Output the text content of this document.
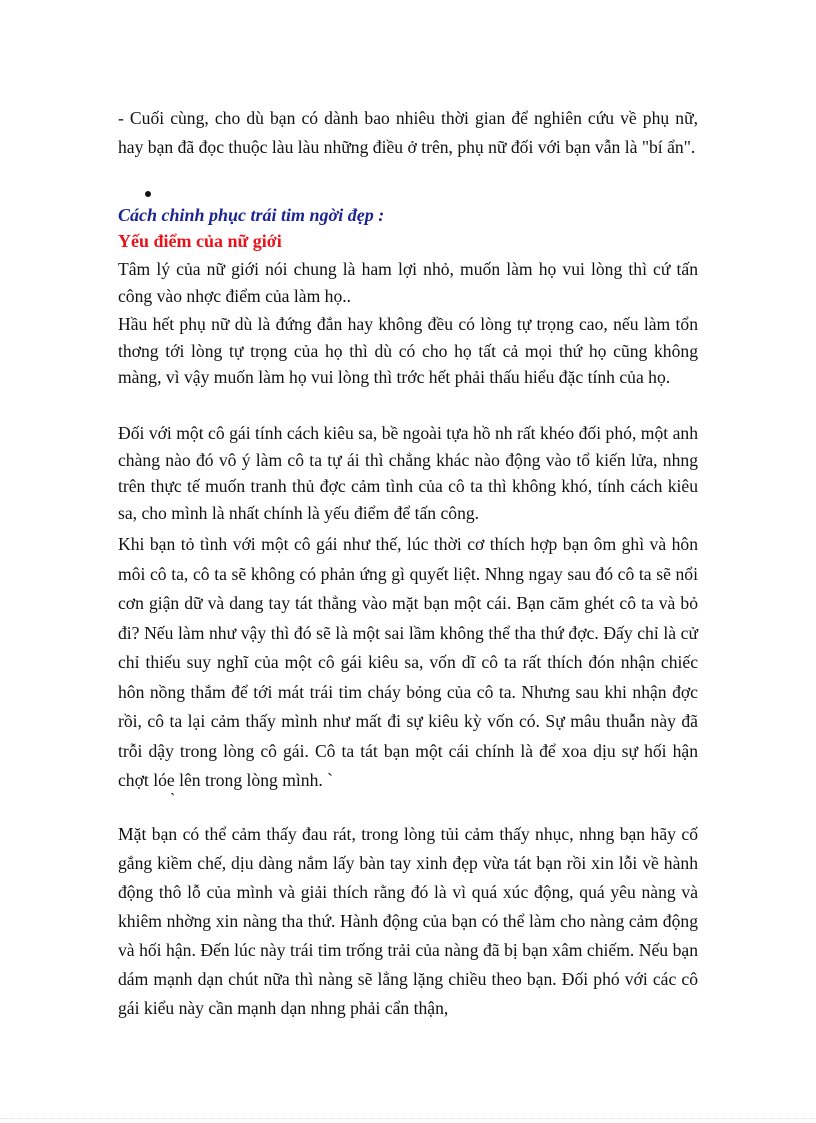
- Cuối cùng, cho dù bạn có dành bao nhiêu thời gian để nghiên cứu về phụ nữ, hay bạn đã đọc thuộc làu làu những điều ở trên, phụ nữ đối với bạn vẫn là "bí ẩn".

Cách chinh phục trái tim ngời đẹp :
Yếu điểm của nữ giới

Tâm lý của nữ giới nói chung là ham lợi nhỏ, muốn làm họ vui lòng thì cứ tấn công vào nhợc điểm của làm họ..

Hầu hết phụ nữ dù là đứng đắn hay không đều có lòng tự trọng cao, nếu làm tổn thơng tới lòng tự trọng của họ thì dù có cho họ tất cả mọi thứ họ cũng không màng, vì vậy muốn làm họ vui lòng thì trớc hết phải thấu hiểu đặc tính của họ.

Đối với một cô gái tính cách kiêu sa, bề ngoài tựa hồ nh rất khéo đối phó, một anh chàng nào đó vô ý làm cô ta tự ái thì chẳng khác nào động vào tổ kiến lửa, nhng trên thực tế muốn tranh thủ đợc cảm tình của cô ta thì không khó, tính cách kiêu sa, cho mình là nhất chính là yếu điểm để tấn công.

Khi bạn tỏ tình với một cô gái như thế, lúc thời cơ thích hợp bạn ôm ghì và hôn môi cô ta, cô ta sẽ không có phản ứng gì quyết liệt. Nhng ngay sau đó cô ta sẽ nổi cơn giận dữ và dang tay tát thẳng vào mặt bạn một cái. Bạn căm ghét cô ta và bỏ đi? Nếu làm như vậy thì đó sẽ là một sai lầm không thể tha thứ đợc. Đấy chỉ là cử chỉ thiếu suy nghĩ của một cô gái kiêu sa, vốn dĩ cô ta rất thích đón nhận chiếc hôn nồng thắm để tới mát trái tim cháy bỏng của cô ta. Nhưng sau khi nhận đợc rồi, cô ta lại cảm thấy mình như mất đi sự kiêu kỳ vốn có. Sự mâu thuẫn này đã trỗi dậy trong lòng cô gái. Cô ta tát bạn một cái chính là để xoa dịu sự hối hận chợt lóe lên trong lòng mình. `

`

Mặt bạn có thể cảm thấy đau rát, trong lòng tủi cảm thấy nhục, nhng bạn hãy cố gắng kiềm chế, dịu dàng nắm lấy bàn tay xinh đẹp vừa tát bạn rồi xin lỗi về hành động thô lỗ của mình và giải thích rằng đó là vì quá xúc động, quá yêu nàng và khiêm nhờng xin nàng tha thứ. Hành động của bạn có thể làm cho nàng cảm động và hối hận. Đến lúc này trái tim trống trải của nàng đã bị bạn xâm chiếm. Nếu bạn dám mạnh dạn chút nữa thì nàng sẽ lẳng lặng chiều theo bạn. Đối phó với các cô gái kiểu này cần mạnh dạn nhng phải cẩn thận,
